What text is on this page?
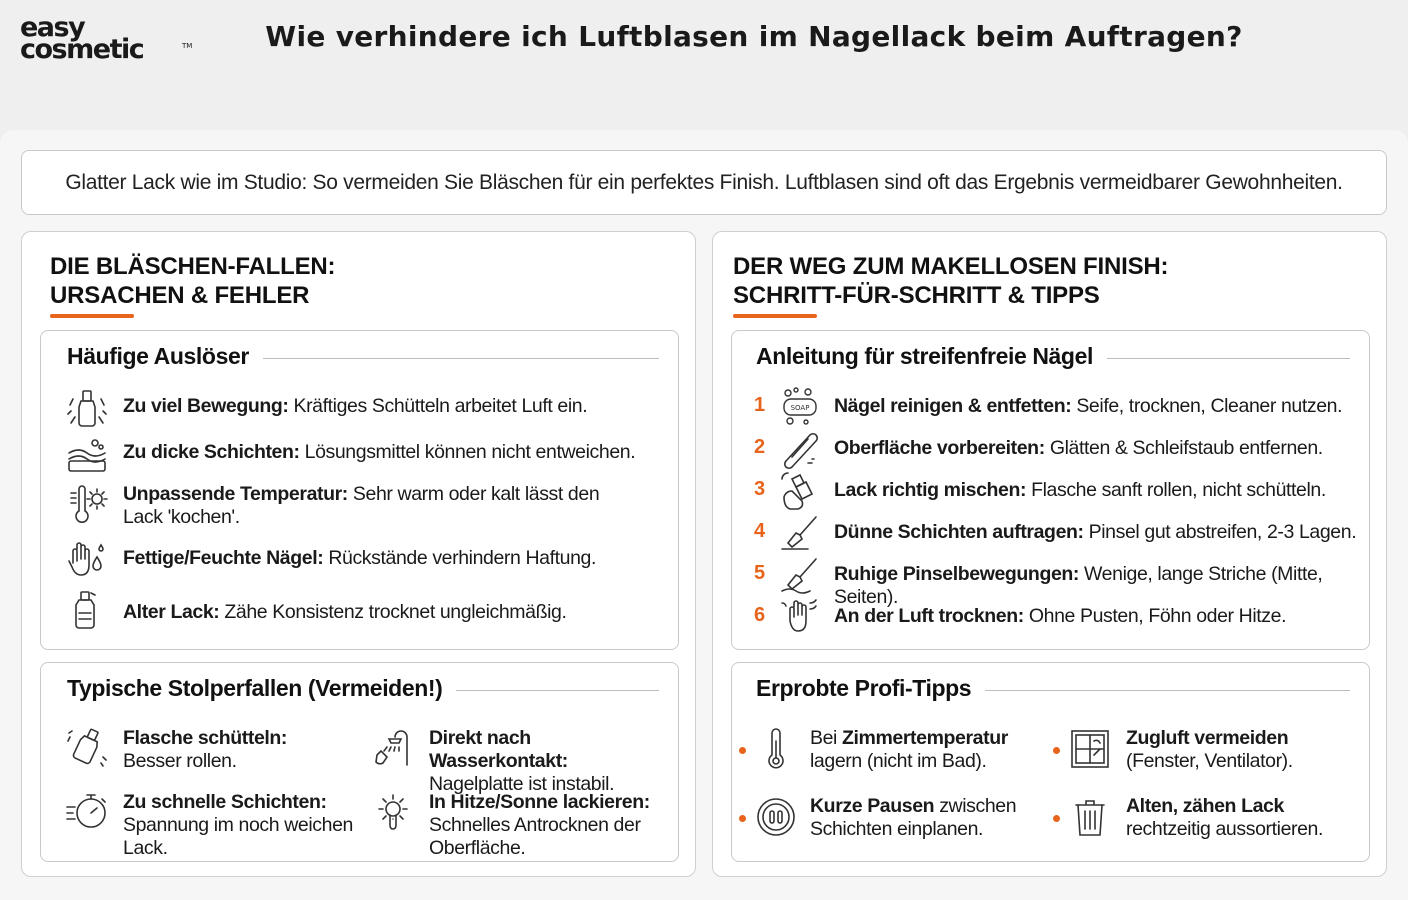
easy
cosmetic	TM	Wie verhindere ich Luftblasen im Nagellack beim Auftragen?
Glatter Lack wie im Studio: So vermeiden Sie Bläschen für ein perfektes Finish. Luftblasen sind oft das Ergebnis vermeidbarer Gewohnheiten.
DIE BLÄSCHEN-FALLEN:
URSACHEN & FEHLER
Häufige Auslöser
Zu viel Bewegung: Kräftiges Schütteln arbeitet Luft ein.
Zu dicke Schichten: Lösungsmittel können nicht entweichen.
Unpassende Temperatur: Sehr warm oder kalt lässt den Lack 'kochen'.
Fettige/Feuchte Nägel: Rückstände verhindern Haftung.
Alter Lack: Zähe Konsistenz trocknet ungleichmäßig.
Typische Stolperfallen (Vermeiden!)
Flasche schütteln:
Besser rollen.
Direkt nach Wasserkontakt:
Nagelplatte ist instabil.
Zu schnelle Schichten:
Spannung im noch weichen Lack.
In Hitze/Sonne lackieren:
Schnelles Antrocknen der Oberfläche.
DER WEG ZUM MAKELLOSEN FINISH:
SCHRITT-FÜR-SCHRITT & TIPPS
Anleitung für streifenfreie Nägel
1	SOAP Nägel reinigen & entfetten: Seife, trocknen, Cleaner nutzen.
2	Oberfläche vorbereiten: Glätten & Schleifstaub entfernen.
3	Lack richtig mischen: Flasche sanft rollen, nicht schütteln.
4	Dünne Schichten auftragen: Pinsel gut abstreifen, 2-3 Lagen.
5	Ruhige Pinselbewegungen: Wenige, lange Striche (Mitte, Seiten).
6	An der Luft trocknen: Ohne Pusten, Föhn oder Hitze.
Erprobte Profi-Tipps
Bei Zimmertemperatur
lagern (nicht im Bad).
Zugluft vermeiden
(Fenster, Ventilator).
Kurze Pausen zwischen
Schichten einplanen.
Alten, zähen Lack
rechtzeitig aussortieren.
